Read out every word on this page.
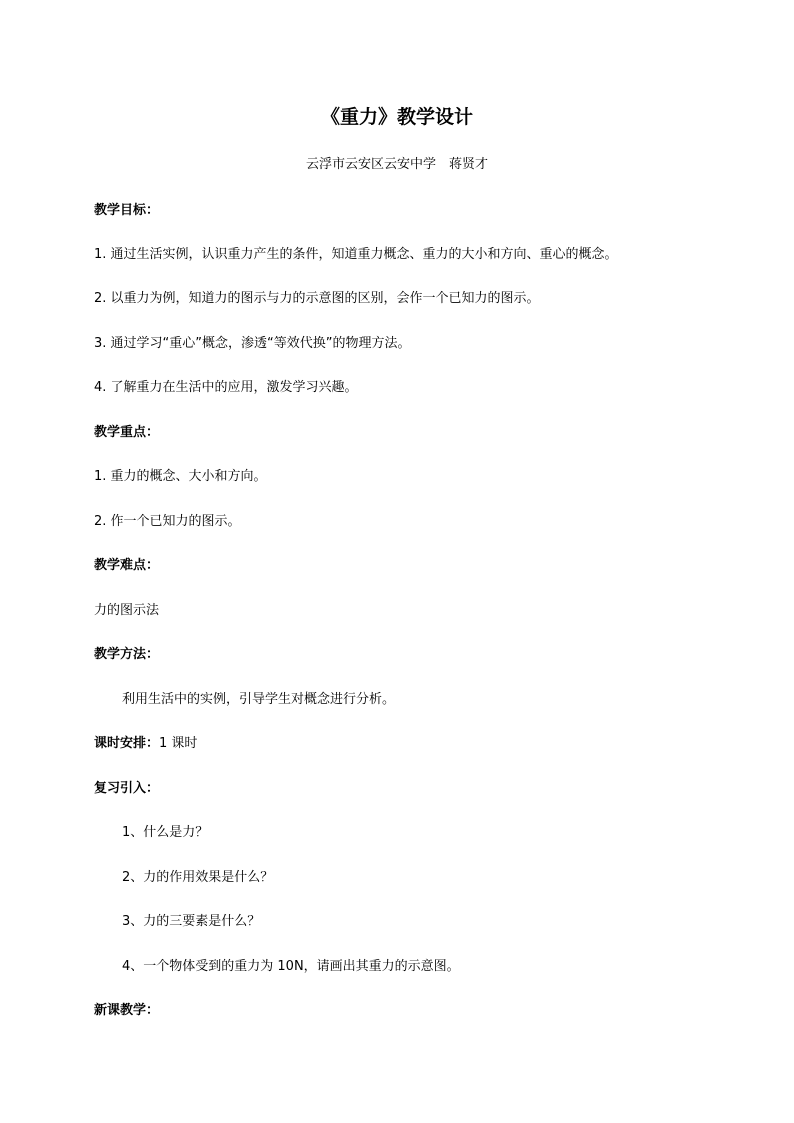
《重力》教学设计
云浮市云安区云安中学　蒋贤才
教学目标：
1. 通过生活实例，认识重力产生的条件，知道重力概念、重力的大小和方向、重心的概念。
2. 以重力为例，知道力的图示与力的示意图的区别，会作一个已知力的图示。
3. 通过学习“重心”概念，渗透“等效代换”的物理方法。
4. 了解重力在生活中的应用，激发学习兴趣。
教学重点：
1. 重力的概念、大小和方向。
2. 作一个已知力的图示。
教学难点：
力的图示法
教学方法：
利用生活中的实例，引导学生对概念进行分析。
课时安排：1 课时
复习引入：
1、什么是力？
2、力的作用效果是什么？
3、力的三要素是什么？
4、一个物体受到的重力为 10N，请画出其重力的示意图。
新课教学：
